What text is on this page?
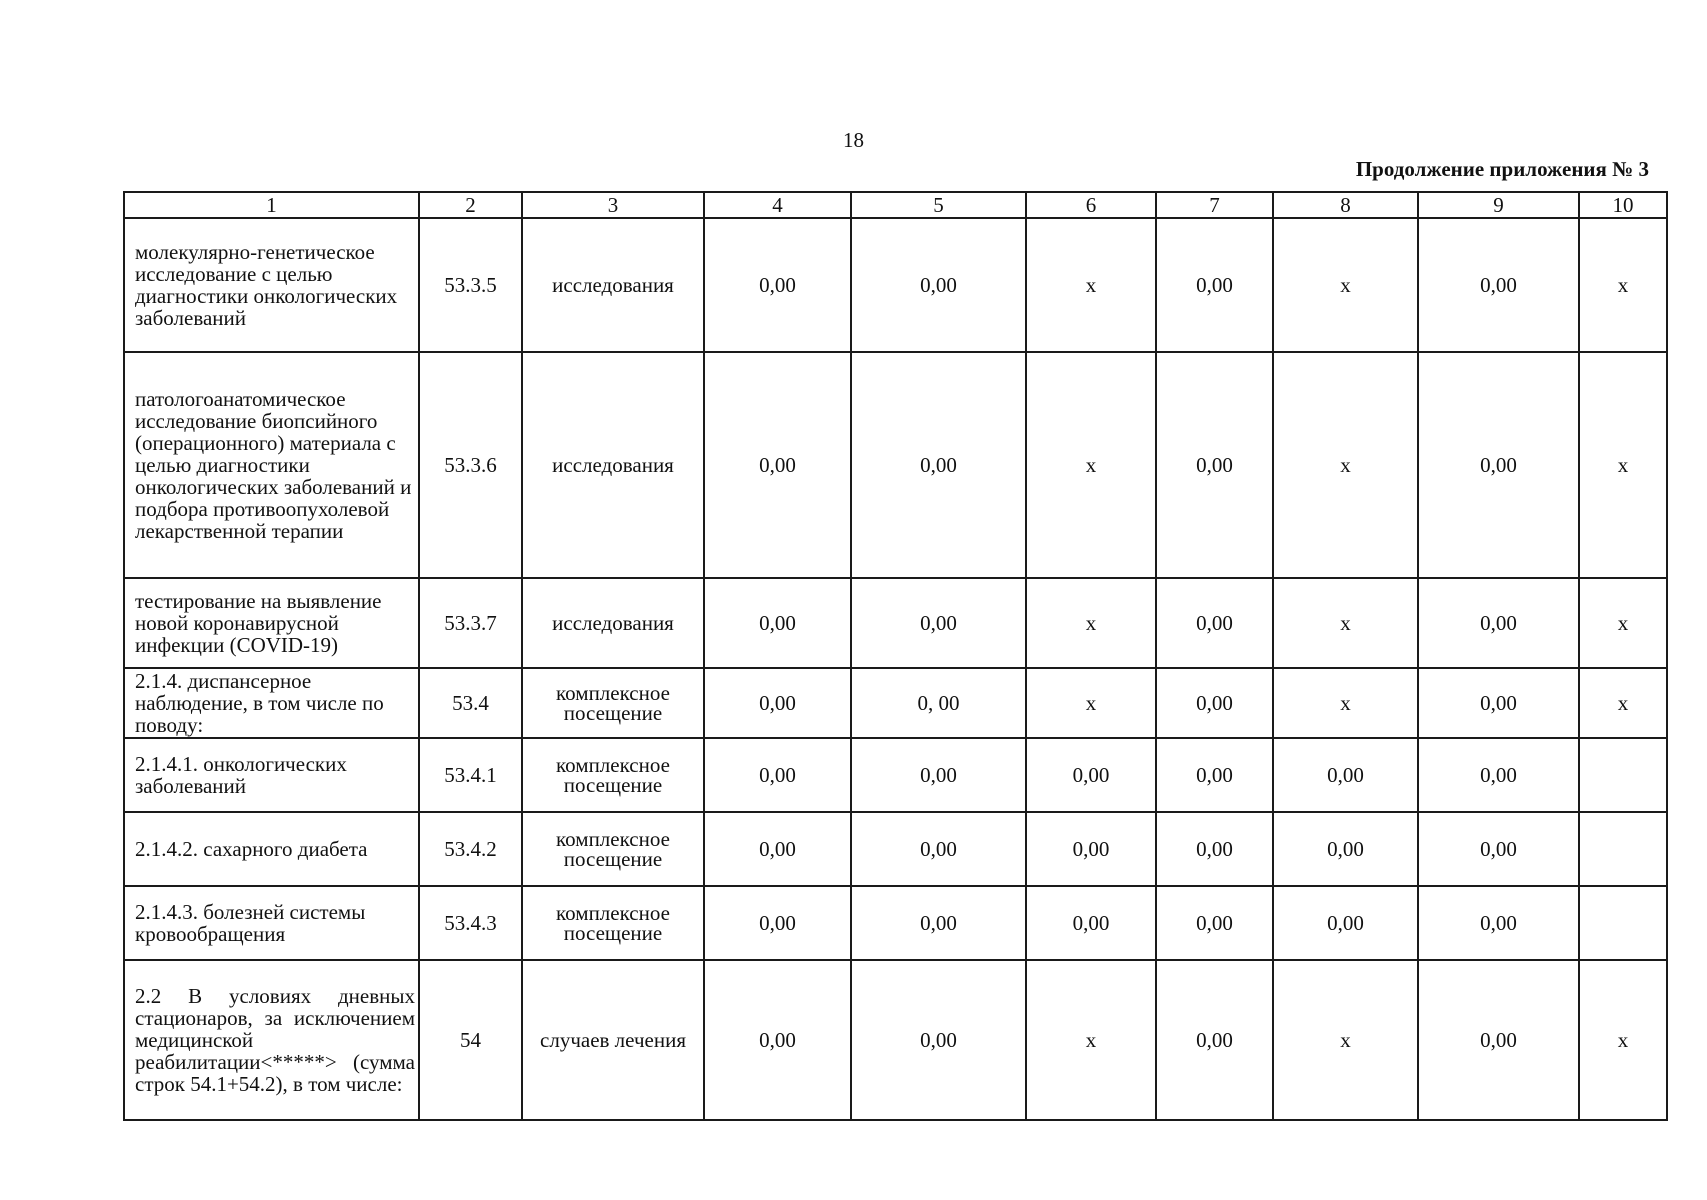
18
Продолжение приложения № 3
1	2	3	4	5	6	7	8	9	10
молекулярно-генетическое исследование с целью диагностики онкологических заболеваний	53.3.5	исследования	0,00	0,00	х	0,00	х	0,00	х
патологоанатомическое исследование биопсийного (операционного) материала с целью диагностики онкологических заболеваний и подбора противоопухолевой лекарственной терапии	53.3.6	исследования	0,00	0,00	х	0,00	х	0,00	х
тестирование на выявление новой коронавирусной инфекции (COVID-19)	53.3.7	исследования	0,00	0,00	х	0,00	х	0,00	х
2.1.4. диспансерное наблюдение, в том числе по поводу:	53.4	комплексное посещение	0,00	0, 00	х	0,00	х	0,00	х
2.1.4.1. онкологических заболеваний	53.4.1	комплексное посещение	0,00	0,00	0,00	0,00	0,00	0,00	
2.1.4.2. сахарного диабета	53.4.2	комплексное посещение	0,00	0,00	0,00	0,00	0,00	0,00	
2.1.4.3. болезней системы кровообращения	53.4.3	комплексное посещение	0,00	0,00	0,00	0,00	0,00	0,00	
2.2 В условиях дневных стационаров, за исключением медицинской реабилитации<*****> (сумма строк 54.1+54.2), в том числе:	54	случаев лечения	0,00	0,00	х	0,00	х	0,00	х
